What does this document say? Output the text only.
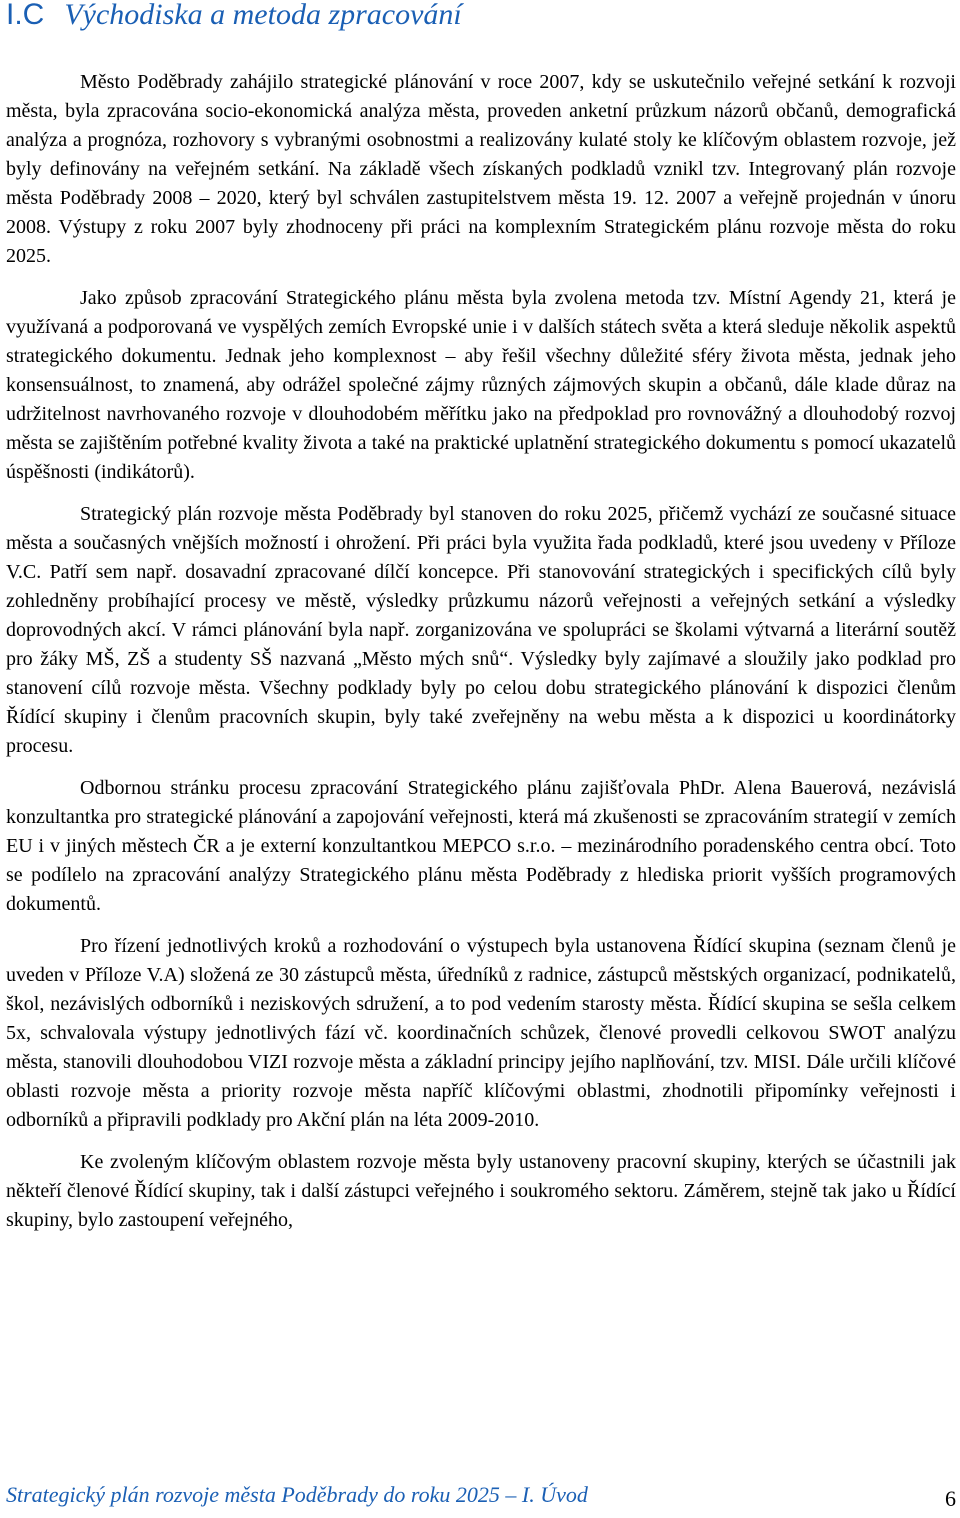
I.C Východiska a metoda zpracování

Město Poděbrady zahájilo strategické plánování v roce 2007, kdy se uskutečnilo veřejné setkání k rozvoji města, byla zpracována socio-ekonomická analýza města, proveden anketní průzkum názorů občanů, demografická analýza a prognóza, rozhovory s vybranými osobnostmi a realizovány kulaté stoly ke klíčovým oblastem rozvoje, jež byly definovány na veřejném setkání. Na základě všech získaných podkladů vznikl tzv. Integrovaný plán rozvoje města Poděbrady 2008 – 2020, který byl schválen zastupitelstvem města 19. 12. 2007 a veřejně projednán v únoru 2008. Výstupy z roku 2007 byly zhodnoceny při práci na komplexním Strategickém plánu rozvoje města do roku 2025.

Jako způsob zpracování Strategického plánu města byla zvolena metoda tzv. Místní Agendy 21, která je využívaná a podporovaná ve vyspělých zemích Evropské unie i v dalších státech světa a která sleduje několik aspektů strategického dokumentu. Jednak jeho komplexnost – aby řešil všechny důležité sféry života města, jednak jeho konsensuálnost, to znamená, aby odrážel společné zájmy různých zájmových skupin a občanů, dále klade důraz na udržitelnost navrhovaného rozvoje v dlouhodobém měřítku jako na předpoklad pro rovnovážný a dlouhodobý rozvoj města se zajištěním potřebné kvality života a také na praktické uplatnění strategického dokumentu s pomocí ukazatelů úspěšnosti (indikátorů).

Strategický plán rozvoje města Poděbrady byl stanoven do roku 2025, přičemž vychází ze současné situace města a současných vnějších možností i ohrožení. Při práci byla využita řada podkladů, které jsou uvedeny v Příloze V.C. Patří sem např. dosavadní zpracované dílčí koncepce. Při stanovování strategických i specifických cílů byly zohledněny probíhající procesy ve městě, výsledky průzkumu názorů veřejnosti a veřejných setkání a výsledky doprovodných akcí. V rámci plánování byla např. zorganizována ve spolupráci se školami výtvarná a literární soutěž pro žáky MŠ, ZŠ a studenty SŠ nazvaná „Město mých snů“. Výsledky byly zajímavé a sloužily jako podklad pro stanovení cílů rozvoje města. Všechny podklady byly po celou dobu strategického plánování k dispozici členům Řídící skupiny i členům pracovních skupin, byly také zveřejněny na webu města a k dispozici u koordinátorky procesu.

Odbornou stránku procesu zpracování Strategického plánu zajišťovala PhDr. Alena Bauerová, nezávislá konzultantka pro strategické plánování a zapojování veřejnosti, která má zkušenosti se zpracováním strategií v zemích EU i v jiných městech ČR a je externí konzultantkou MEPCO s.r.o. – mezinárodního poradenského centra obcí. Toto se podílelo na zpracování analýzy Strategického plánu města Poděbrady z hlediska priorit vyšších programových dokumentů.

Pro řízení jednotlivých kroků a rozhodování o výstupech byla ustanovena Řídící skupina (seznam členů je uveden v Příloze V.A) složená ze 30 zástupců města, úředníků z radnice, zástupců městských organizací, podnikatelů, škol, nezávislých odborníků i neziskových sdružení, a to pod vedením starosty města. Řídící skupina se sešla celkem 5x, schvalovala výstupy jednotlivých fází vč. koordinačních schůzek, členové provedli celkovou SWOT analýzu města, stanovili dlouhodobou VIZI rozvoje města a základní principy jejího naplňování, tzv. MISI. Dále určili klíčové oblasti rozvoje města a priority rozvoje města napříč klíčovými oblastmi, zhodnotili připomínky veřejnosti i odborníků a připravili podklady pro Akční plán na léta 2009-2010.

Ke zvoleným klíčovým oblastem rozvoje města byly ustanoveny pracovní skupiny, kterých se účastnili jak někteří členové Řídící skupiny, tak i další zástupci veřejného i soukromého sektoru. Záměrem, stejně tak jako u Řídící skupiny, bylo zastoupení veřejného,

Strategický plán rozvoje města Poděbrady do roku 2025 – I. Úvod	6
